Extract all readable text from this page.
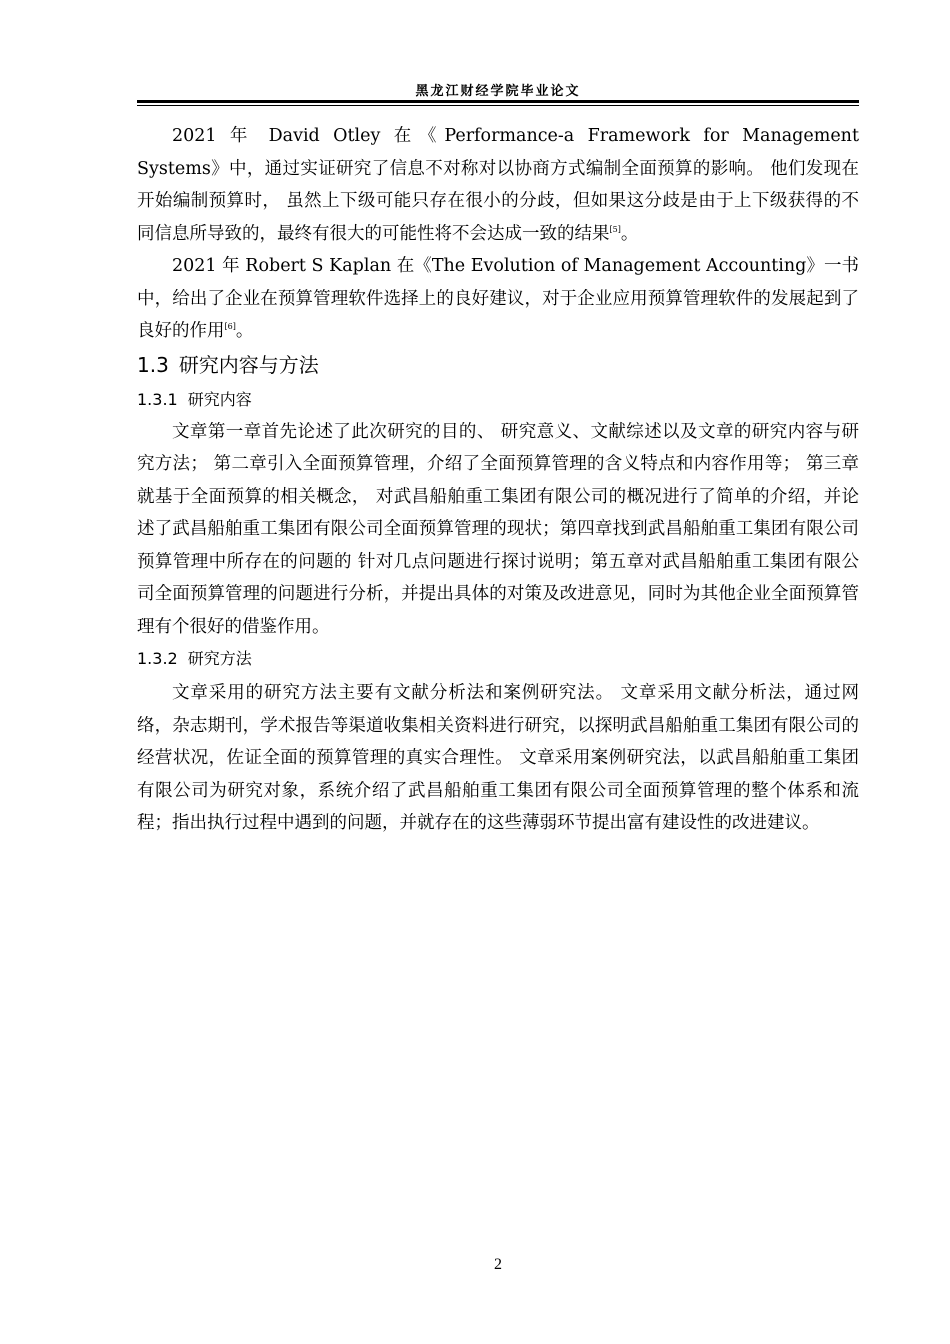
黑龙江财经学院毕业论文

2021 年 David Otley 在《Performance-a Framework for Management Systems》中，通过实证研究了信息不对称对以协商方式编制全面预算的影响。 他们发现在开始编制预算时， 虽然上下级可能只存在很小的分歧，但如果这分歧是由于上下级获得的不同信息所导致的，最终有很大的可能性将不会达成一致的结果[5]。

2021 年 Robert S Kaplan 在《The Evolution of Management Accounting》一书中，给出了企业在预算管理软件选择上的良好建议，对于企业应用预算管理软件的发展起到了良好的作用[6]。

1.3 研究内容与方法
1.3.1 研究内容

文章第一章首先论述了此次研究的目的、 研究意义、文献综述以及文章的研究内容与研究方法； 第二章引入全面预算管理，介绍了全面预算管理的含义特点和内容作用等； 第三章就基于全面预算的相关概念， 对武昌船舶重工集团有限公司的概况进行了简单的介绍，并论述了武昌船舶重工集团有限公司全面预算管理的现状；第四章找到武昌船舶重工集团有限公司预算管理中所存在的问题的 针对几点问题进行探讨说明；第五章对武昌船舶重工集团有限公司全面预算管理的问题进行分析，并提出具体的对策及改进意见，同时为其他企业全面预算管理有个很好的借鉴作用。

1.3.2 研究方法

文章采用的研究方法主要有文献分析法和案例研究法。 文章采用文献分析法，通过网络，杂志期刊，学术报告等渠道收集相关资料进行研究，以探明武昌船舶重工集团有限公司的经营状况，佐证全面的预算管理的真实合理性。 文章采用案例研究法，以武昌船舶重工集团有限公司为研究对象，系统介绍了武昌船舶重工集团有限公司全面预算管理的整个体系和流程；指出执行过程中遇到的问题，并就存在的这些薄弱环节提出富有建设性的改进建议。

2
